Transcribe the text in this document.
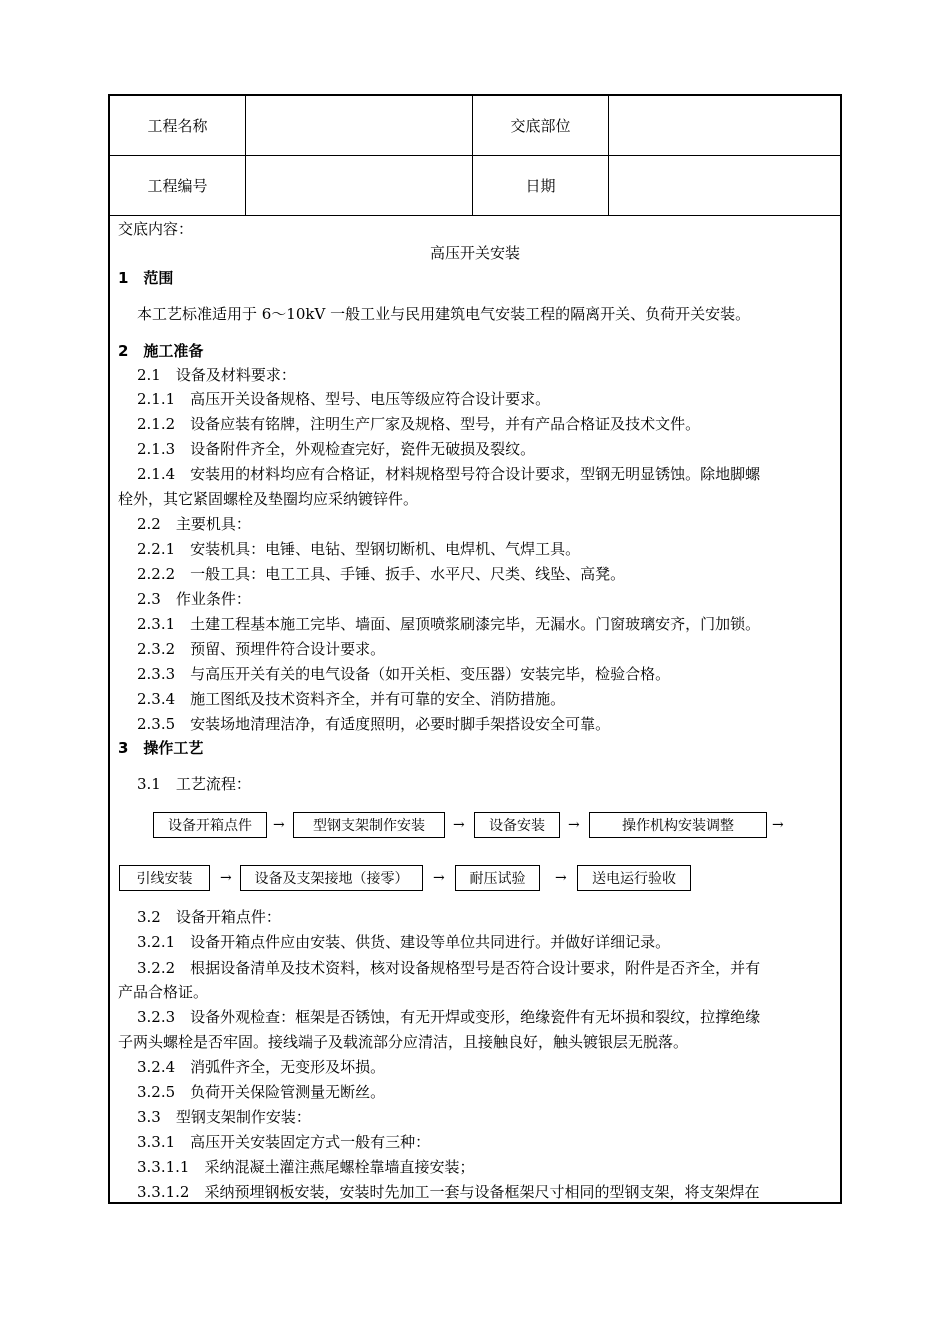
工程名称	交底部位
工程编号	日期
交底内容：
高压开关安装
1　范围
本工艺标准适用于 6～10kV 一般工业与民用建筑电气安装工程的隔离开关、负荷开关安装。
2　施工准备
2.1　设备及材料要求：
2.1.1　高压开关设备规格、型号、电压等级应符合设计要求。
2.1.2　设备应装有铭牌，注明生产厂家及规格、型号，并有产品合格证及技术文件。
2.1.3　设备附件齐全，外观检查完好，瓷件无破损及裂纹。
2.1.4　安装用的材料均应有合格证，材料规格型号符合设计要求，型钢无明显锈蚀。除地脚螺
栓外，其它紧固螺栓及垫圈均应采纳镀锌件。
2.2　主要机具：
2.2.1　安装机具：电锤、电钻、型钢切断机、电焊机、气焊工具。
2.2.2　一般工具：电工工具、手锤、扳手、水平尺、尺类、线坠、高凳。
2.3　作业条件：
2.3.1　土建工程基本施工完毕、墙面、屋顶喷浆刷漆完毕，无漏水。门窗玻璃安齐，门加锁。
2.3.2　预留、预埋件符合设计要求。
2.3.3　与高压开关有关的电气设备（如开关柜、变压器）安装完毕，检验合格。
2.3.4　施工图纸及技术资料齐全，并有可靠的安全、消防措施。
2.3.5　安装场地清理洁净，有适度照明，必要时脚手架搭设安全可靠。
3　操作工艺
3.1　工艺流程：
设备开箱点件	→	型钢支架制作安装	→	设备安装	→	操作机构安装调整	→
引线安装	→	设备及支架接地（接零）	→	耐压试验	→	送电运行验收
3.2　设备开箱点件：
3.2.1　设备开箱点件应由安装、供货、建设等单位共同进行。并做好详细记录。
3.2.2　根据设备清单及技术资料，核对设备规格型号是否符合设计要求，附件是否齐全，并有
产品合格证。
3.2.3　设备外观检查：框架是否锈蚀，有无开焊或变形，绝缘瓷件有无坏损和裂纹，拉撑绝缘
子两头螺栓是否牢固。接线端子及载流部分应清洁，且接触良好，触头镀银层无脱落。
3.2.4　消弧件齐全，无变形及坏损。
3.2.5　负荷开关保险管测量无断丝。
3.3　型钢支架制作安装：
3.3.1　高压开关安装固定方式一般有三种：
3.3.1.1　采纳混凝土灌注燕尾螺栓靠墙直接安装；
3.3.1.2　采纳预埋钢板安装，安装时先加工一套与设备框架尺寸相同的型钢支架，将支架焊在
